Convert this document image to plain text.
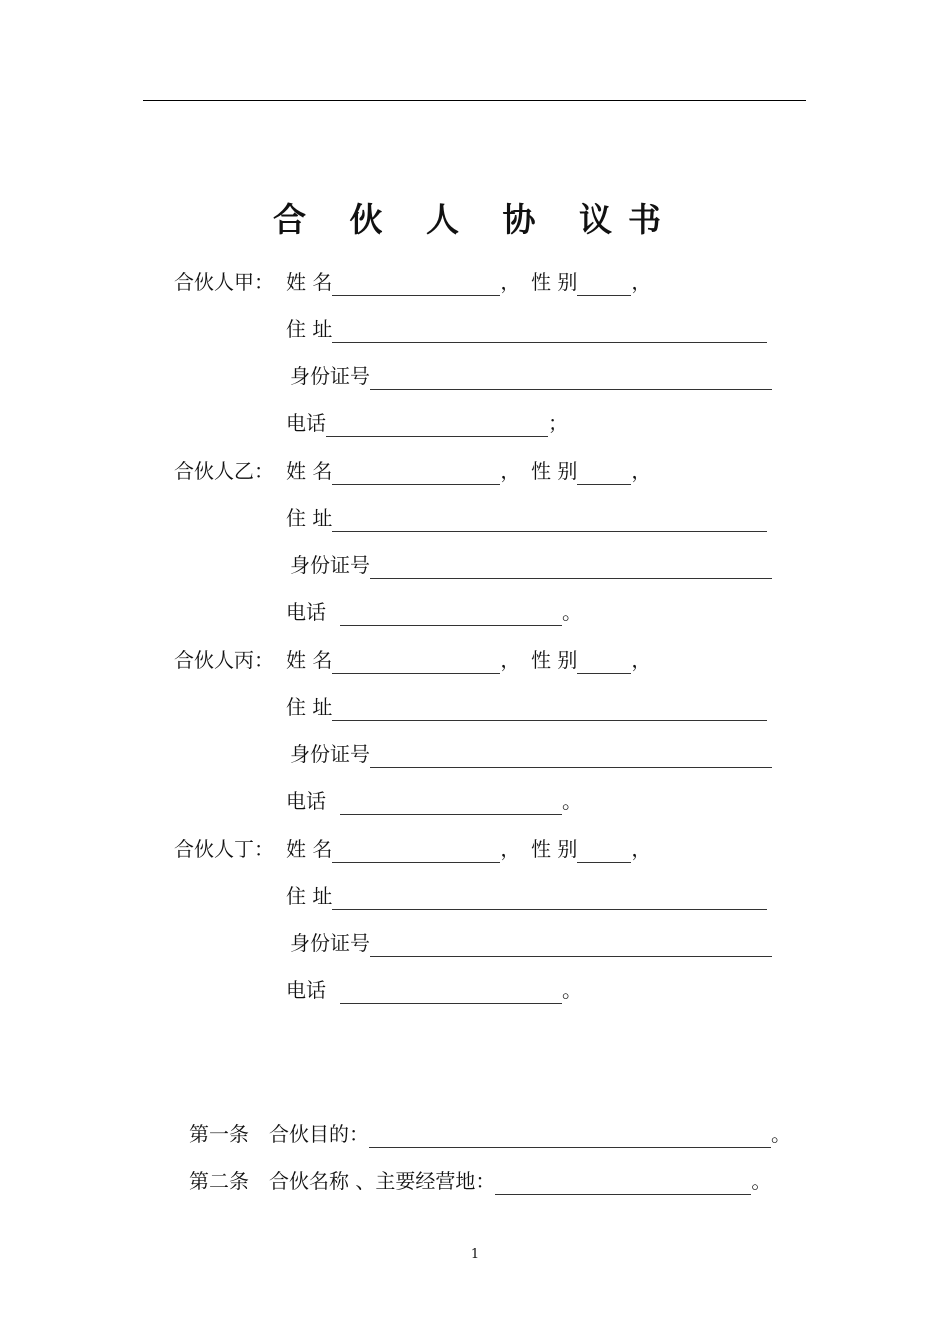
合 伙 人 协 议书
合伙人甲： 姓 名	， 性 别	，
住 址
身份证号
电话	；
合伙人乙： 姓 名	， 性 别	，
住 址
身份证号
电话	。
合伙人丙： 姓 名	， 性 别	，
住 址
身份证号
电话	。
合伙人丁： 姓 名	， 性 别	，
住 址
身份证号
电话	。
第一条 合伙目的：	。
第二条 合伙名称 、主要经营地：	。
1
